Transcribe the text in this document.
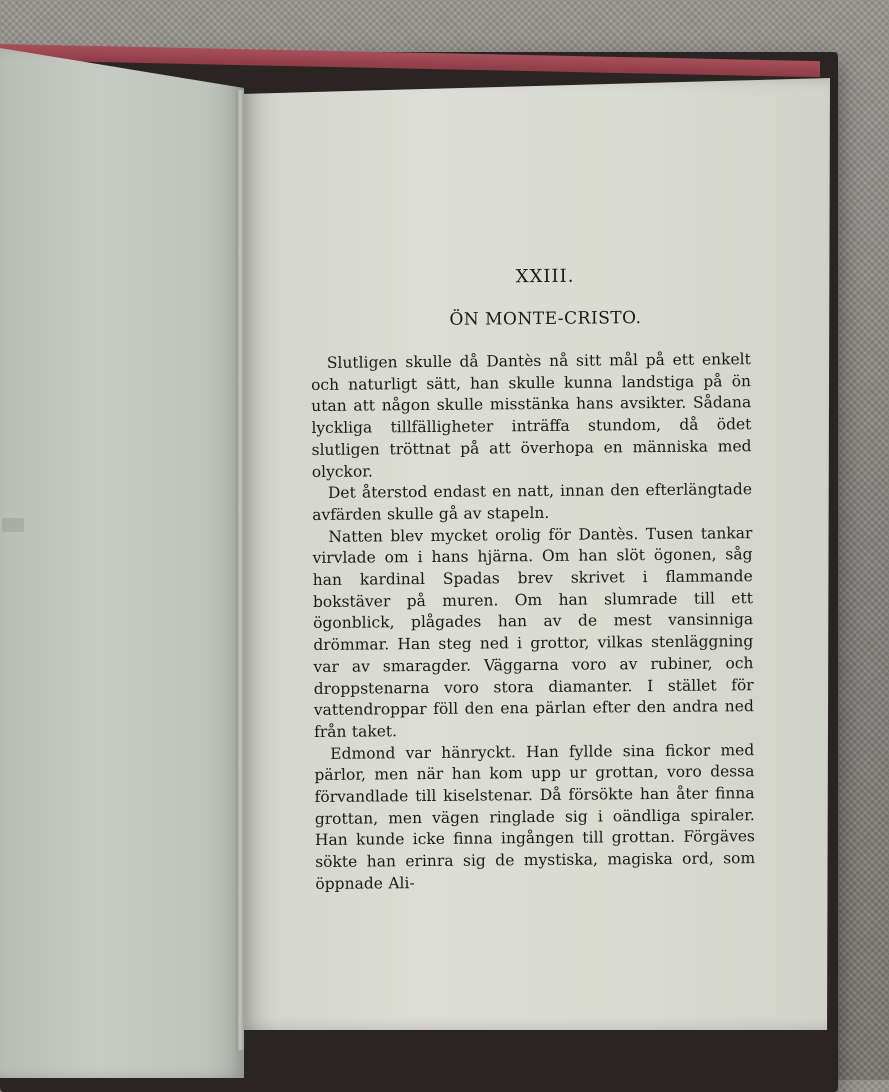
XXIII.
ÖN MONTE-CRISTO.

Slutligen skulle då Dantès nå sitt mål på ett enkelt och naturligt sätt, han skulle kunna landstiga på ön utan att någon skulle misstänka hans avsikter. Sådana lyckliga tillfälligheter inträffa stundom, då ödet slutligen tröttnat på att överhopa en människa med olyckor.

Det återstod endast en natt, innan den efterlängtade avfärden skulle gå av stapeln.

Natten blev mycket orolig för Dantès. Tusen tankar virvlade om i hans hjärna. Om han slöt ögonen, såg han kardinal Spadas brev skrivet i flammande bokstäver på muren. Om han slumrade till ett ögonblick, plågades han av de mest vansinniga drömmar. Han steg ned i grottor, vilkas stenläggning var av smaragder. Väggarna voro av rubiner, och droppstenarna voro stora diamanter. I stället för vattendroppar föll den ena pärlan efter den andra ned från taket.

Edmond var hänryckt. Han fyllde sina fickor med pärlor, men när han kom upp ur grottan, voro dessa förvandlade till kiselstenar. Då försökte han åter finna grottan, men vägen ringlade sig i oändliga spiraler. Han kunde icke finna ingången till grottan. Förgäves sökte han erinra sig de mystiska, magiska ord, som öppnade Ali-
